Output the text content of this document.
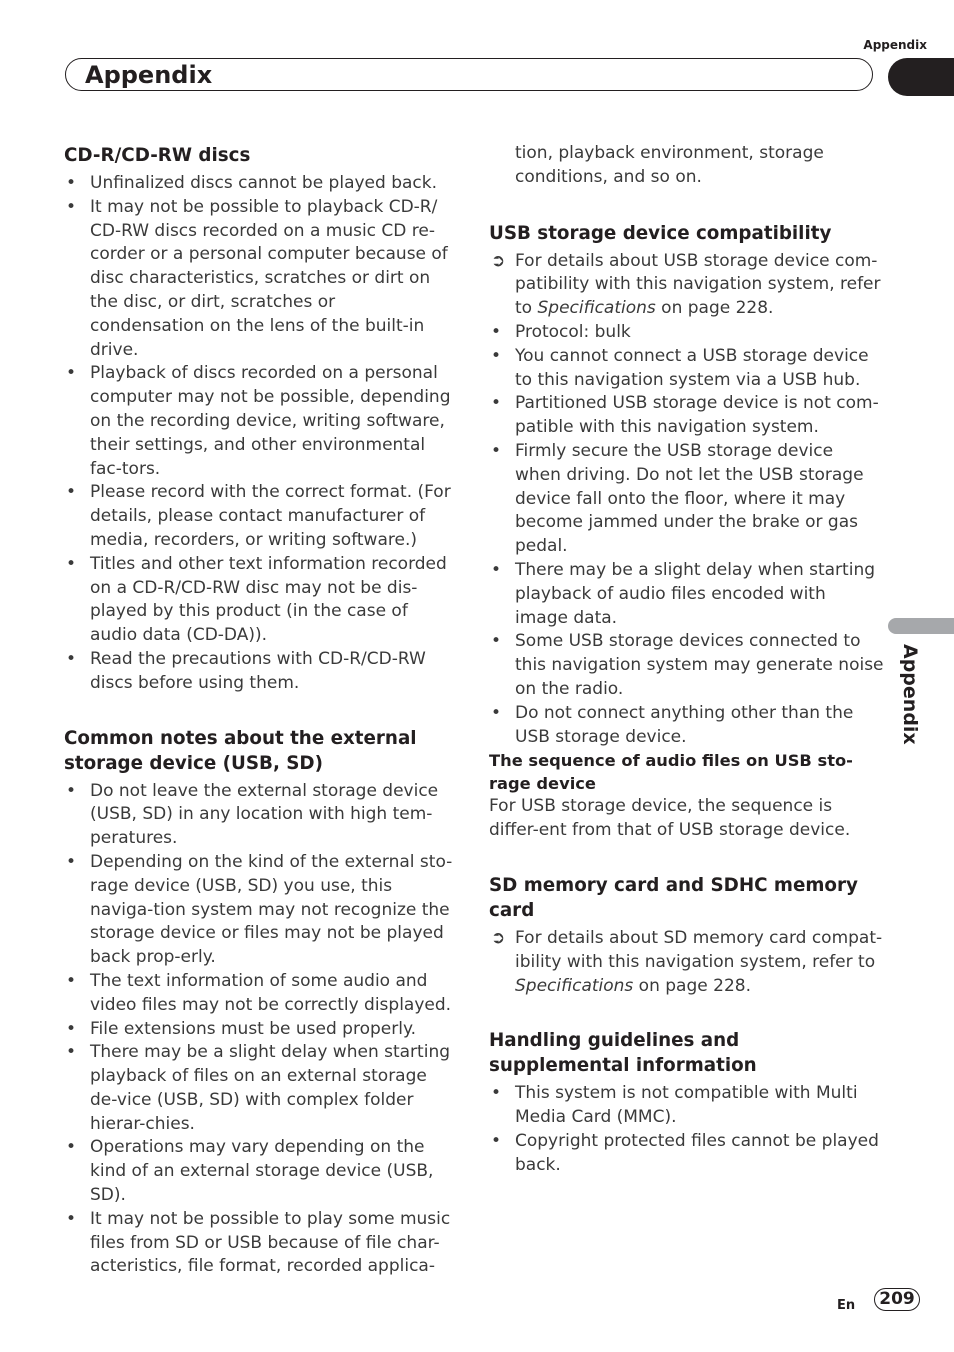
Appendix
Appendix
Appendix
CD-R/CD-RW discs
• Unfinalized discs cannot be played back.
• It may not be possible to playback CD-R/ CD-RW discs recorded on a music CD re-corder or a personal computer because of disc characteristics, scratches or dirt on the disc, or dirt, scratches or condensation on the lens of the built-in drive.
• Playback of discs recorded on a personal computer may not be possible, depending on the recording device, writing software, their settings, and other environmental fac-tors.
• Please record with the correct format. (For details, please contact manufacturer of media, recorders, or writing software.)
• Titles and other text information recorded on a CD-R/CD-RW disc may not be dis-played by this product (in the case of audio data (CD-DA)).
• Read the precautions with CD-R/CD-RW discs before using them.
Common notes about the external storage device (USB, SD)
• Do not leave the external storage device (USB, SD) in any location with high tem-peratures.
• Depending on the kind of the external sto-rage device (USB, SD) you use, this naviga-tion system may not recognize the storage device or files may not be played back prop-erly.
• The text information of some audio and video files may not be correctly displayed.
• File extensions must be used properly.
• There may be a slight delay when starting playback of files on an external storage de-vice (USB, SD) with complex folder hierar-chies.
• Operations may vary depending on the kind of an external storage device (USB, SD).
• It may not be possible to play some music files from SD or USB because of file char-acteristics, file format, recorded applica-
tion, playback environment, storage conditions, and so on.
USB storage device compatibility
➲ For details about USB storage device com-patibility with this navigation system, refer to Specifications on page 228.
• Protocol: bulk
• You cannot connect a USB storage device to this navigation system via a USB hub.
• Partitioned USB storage device is not com-patible with this navigation system.
• Firmly secure the USB storage device when driving. Do not let the USB storage device fall onto the floor, where it may become jammed under the brake or gas pedal.
• There may be a slight delay when starting playback of audio files encoded with image data.
• Some USB storage devices connected to this navigation system may generate noise on the radio.
• Do not connect anything other than the USB storage device.
The sequence of audio files on USB sto-rage device
For USB storage device, the sequence is differ-ent from that of USB storage device.
SD memory card and SDHC memory card
➲ For details about SD memory card compat-ibility with this navigation system, refer to Specifications on page 228.
Handling guidelines and supplemental information
• This system is not compatible with Multi Media Card (MMC).
• Copyright protected files cannot be played back.
En	209
